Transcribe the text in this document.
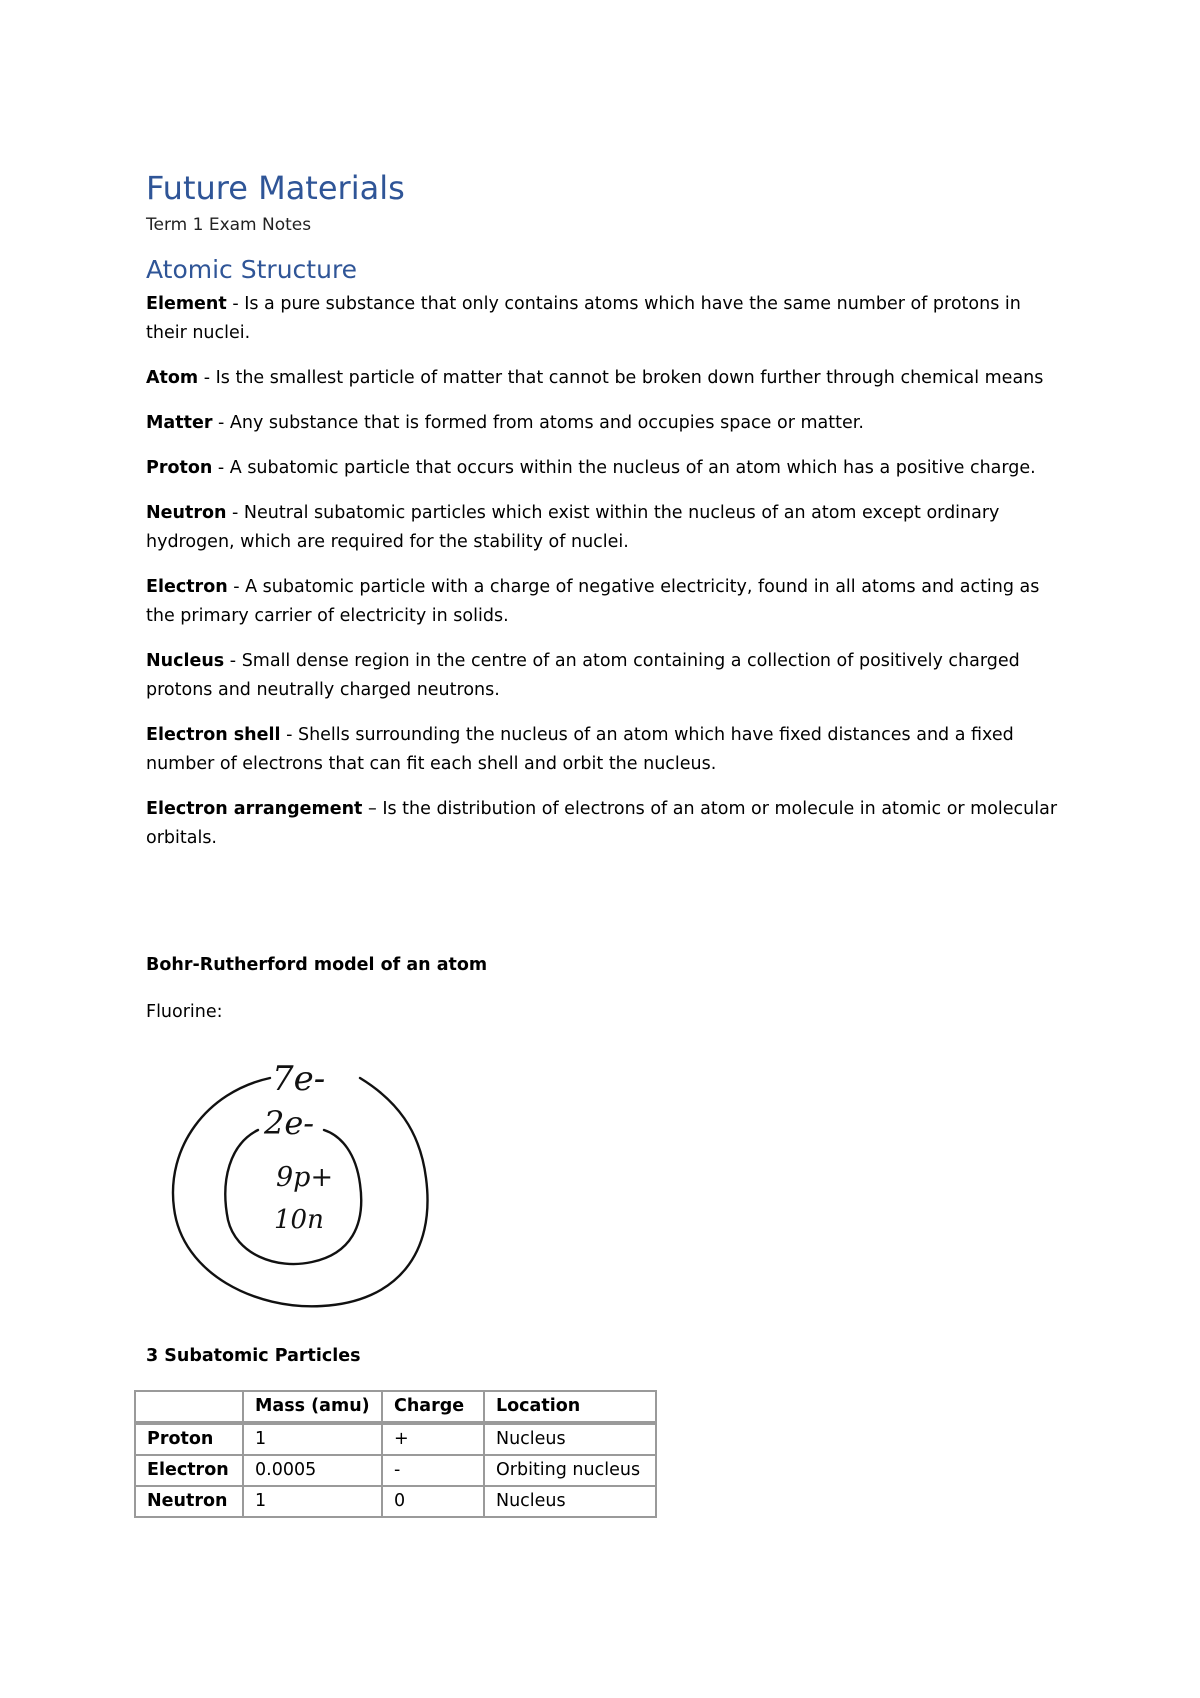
Future Materials
Term 1 Exam Notes
Atomic Structure

Element - Is a pure substance that only contains atoms which have the same number of protons in their nuclei.

Atom - Is the smallest particle of matter that cannot be broken down further through chemical means

Matter - Any substance that is formed from atoms and occupies space or matter.

Proton - A subatomic particle that occurs within the nucleus of an atom which has a positive charge.

Neutron - Neutral subatomic particles which exist within the nucleus of an atom except ordinary hydrogen, which are required for the stability of nuclei.

Electron - A subatomic particle with a charge of negative electricity, found in all atoms and acting as the primary carrier of electricity in solids.

Nucleus - Small dense region in the centre of an atom containing a collection of positively charged protons and neutrally charged neutrons.

Electron shell - Shells surrounding the nucleus of an atom which have fixed distances and a fixed number of electrons that can fit each shell and orbit the nucleus.

Electron arrangement – Is the distribution of electrons of an atom or molecule in atomic or molecular orbitals.

Bohr-Rutherford model of an atom
Fluorine:
7e-
2e-
9p+
10n
3 Subatomic Particles
	Mass (amu)	Charge	Location
Proton	1	+	Nucleus
Electron	0.0005	-	Orbiting nucleus
Neutron	1	0	Nucleus
